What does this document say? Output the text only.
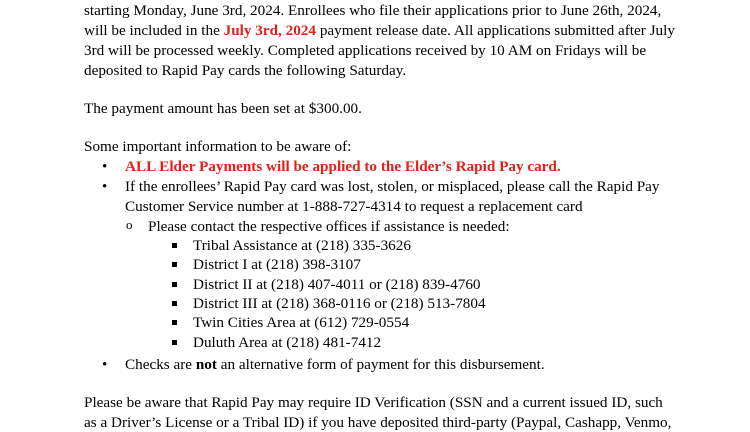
starting Monday, June 3rd, 2024. Enrollees who file their applications prior to June 26th, 2024,
will be included in the July 3rd, 2024 payment release date. All applications submitted after July
3rd will be processed weekly. Completed applications received by 10 AM on Fridays will be
deposited to Rapid Pay cards the following Saturday.
The payment amount has been set at $300.00.
Some important information to be aware of:
•
ALL Elder Payments will be applied to the Elder’s Rapid Pay card.
•
If the enrollees’ Rapid Pay card was lost, stolen, or misplaced, please call the Rapid Pay
Customer Service number at 1-888-727-4314 to request a replacement card
o Please contact the respective offices if assistance is needed:
Tribal Assistance at (218) 335-3626
District I at (218) 398-3107
District II at (218) 407-4011 or (218) 839-4760
District III at (218) 368-0116 or (218) 513-7804
Twin Cities Area at (612) 729-0554
Duluth Area at (218) 481-7412
•
Checks are not an alternative form of payment for this disbursement.
Please be aware that Rapid Pay may require ID Verification (SSN and a current issued ID, such
as a Driver’s License or a Tribal ID) if you have deposited third-party (Paypal, Cashapp, Venmo,
